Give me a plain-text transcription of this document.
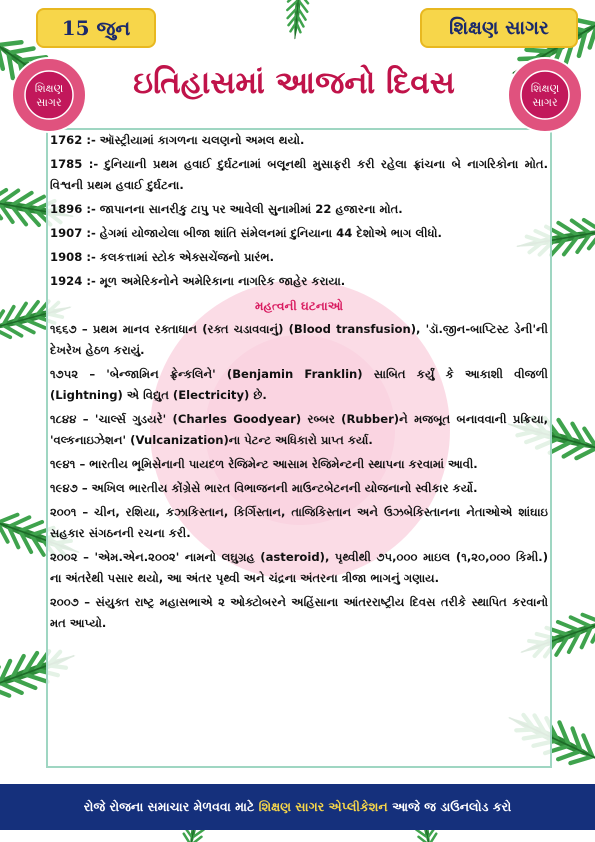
15 જુન	શિક્ષણ સાગર
શિક્ષણ
સાગર
શિક્ષણ
સાગર
ઇતિહાસમાં આજનો દિવસ

1762 :- ઑસ્ટ્રીયામાં કાગળના ચલણનો અમલ થયો.

1785 :- દુનિયાની પ્રથમ હવાઈ દુર્ઘટનામાં બલૂનથી મુસાફરી કરી રહેલા ફ્રાંચના બે નાગરિકોના મોત. વિશ્વની પ્રથમ હવાઈ દુર્ઘટના.

1896 :- જાપાનના સાનરીકુ ટાપુ પર આવેલી સુનામીમાં 22 હજારના મોત.

1907 :- હેગમાં યોજાયેલા બીજા શાંતિ સંમેલનમાં દુનિયાના 44 દેશોએ ભાગ લીધો.

1908 :- કલકત્તામાં સ્ટોક એક્સચેંજનો પ્રારંભ.

1924 :- મૂળ અમેરિકનોને અમેરિકાના નાગરિક જાહેર કરાયા.

મહત્વની ઘટનાઓ

૧૬૬૭ – પ્રથમ માનવ રક્તાધાન (રક્ત ચડાવવાનું) (Blood transfusion), 'ડૉ.જીન-બાપ્ટિસ્ટ ડેની'ની દેખરેખ હેઠળ કરાયું.

૧૭૫૨ – 'બેન્જામિન ફ્રેન્કલિને' (Benjamin Franklin) સાબિત કર્યું કે આકાશી વીજળી (Lightning) એ વિદ્યુત (Electricity) છે.

૧૮૪૪ – 'ચાર્લ્સ ગુડયરે' (Charles Goodyear) રબ્બર (Rubber)ને મજબૂત બનાવવાની પ્રક્રિયા, 'વલ્કનાઇઝેશન' (Vulcanization)ના પેટન્ટ અધિકારો પ્રાપ્ત કર્યા.

૧૯૪૧ – ભારતીય ભૂમિસેનાની પાયદળ રેજિમેન્ટ આસામ રેજિમેન્ટની સ્થાપના કરવામાં આવી.

૧૯૪૭ – અખિલ ભારતીય કોંગ્રેસે ભારત વિભાજનની માઉન્ટબેટનની યોજનાનો સ્વીકાર કર્યો.

૨૦૦૧ – ચીન, રશિયા, કઝાકિસ્તાન, કિર્ગિસ્તાન, તાજિકિસ્તાન અને ઉઝબેકિસ્તાનના નેતાઓએ શાંઘાઇ સહકાર સંગઠનની રચના કરી.

૨૦૦૨ – 'એમ.એન.૨૦૦૨' નામનો લઘુગ્રહ (asteroid), પૃથ્વીથી ૭૫,૦૦૦ માઇલ (૧,૨૦,૦૦૦ કિમી.) ના અંતરેથી પસાર થયો, આ અંતર પૃથ્વી અને ચંદ્રના અંતરના ત્રીજા ભાગનું ગણાય.

૨૦૦૭ – સંયુક્ત રાષ્ટ્ર મહાસભાએ ૨ ઓક્ટોબરને અહિંસાના આંતરરાષ્ટ્રીય દિવસ તરીકે સ્થાપિત કરવાનો મત આપ્યો.

રોજે રોજના સમાચાર મેળવવા માટે શિક્ષણ સાગર એપ્લીકેશન આજે જ ડાઉનલોડ કરો
